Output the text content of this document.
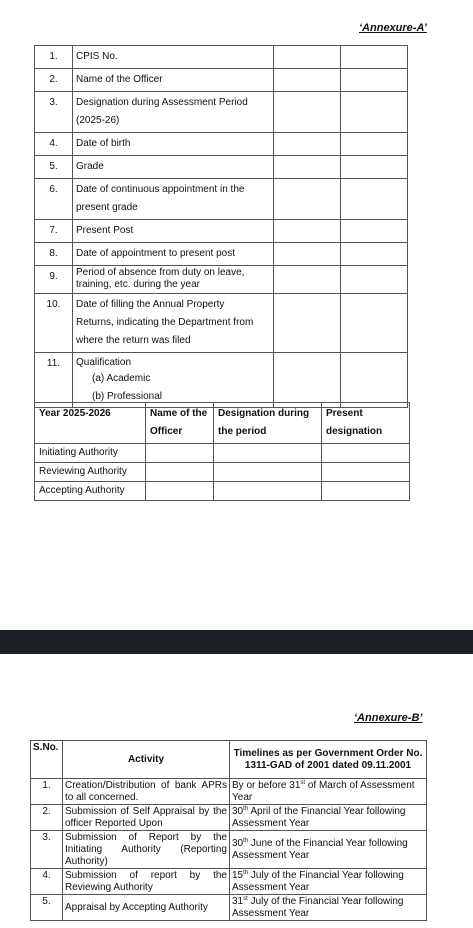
‘Annexure-A’
1.	CPIS No.		
2.	Name of the Officer		
3.	Designation during Assessment Period
(2025-26)		

4.	Date of birth		
5.	Grade		
6.	Date of continuous appointment in the
present grade		

7.	Present Post		
8.	Date of appointment to present post		
9.	Period of absence from duty on leave,
training, etc. during the year		

10.	Date of filling the Annual Property
Returns, indicating the Department from
where the return was filed		

11.	Qualification
(a) Academic
(b) Professional		

Year 2025-2026	Name of the Officer	Designation during the period	Present designation
Initiating Authority			
Reviewing Authority			
Accepting Authority			
‘Annexure-B’
S.No.	Activity	Timelines as per Government Order No. 1311-GAD of 2001 dated 09.11.2001
1.	Creation/Distribution of bank APRs to all concerned.	By or before 31st of March of Assessment Year
2.	Submission of Self Appraisal by the officer Reported Upon	30th April of the Financial Year following Assessment Year
3.	Submission of Report by the Initiating Authority (Reporting Authority)	30th June of the Financial Year following Assessment Year
4.	Submission of report by the Reviewing Authority	15th July of the Financial Year following Assessment Year
5.	Appraisal by Accepting Authority	31st July of the Financial Year following Assessment Year
